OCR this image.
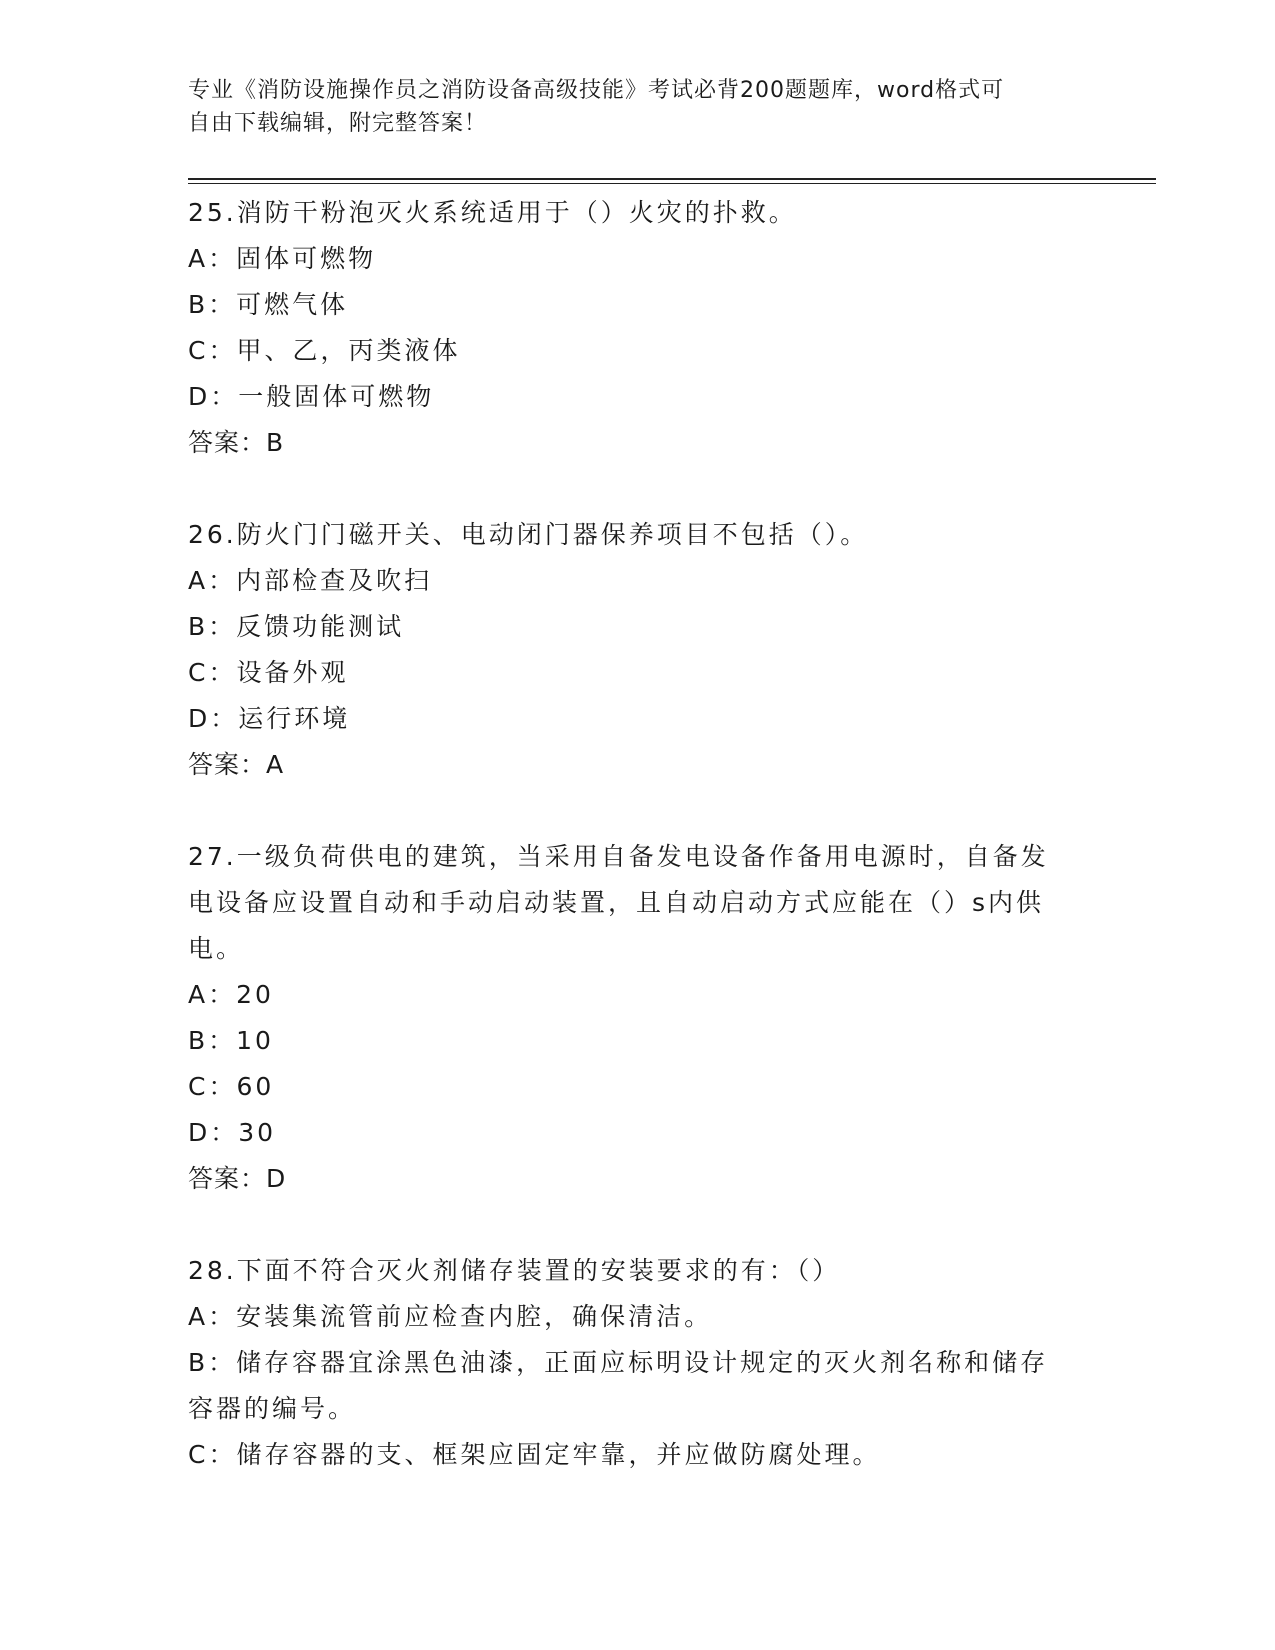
专业《消防设施操作员之消防设备高级技能》考试必背200题题库，word格式可
自由下载编辑，附完整答案！
25.消防干粉泡灭火系统适用于（）火灾的扑救。
A：固体可燃物
B：可燃气体
C：甲、乙，丙类液体
D：一般固体可燃物
答案：B
26.防火门门磁开关、电动闭门器保养项目不包括（）。
A：内部检查及吹扫
B：反馈功能测试
C：设备外观
D：运行环境
答案：A
27.一级负荷供电的建筑，当采用自备发电设备作备用电源时，自备发
电设备应设置自动和手动启动装置，且自动启动方式应能在（）s内供
电。
A：20
B：10
C：60
D：30
答案：D
28.下面不符合灭火剂储存装置的安装要求的有：（）
A：安装集流管前应检查内腔，确保清洁。
B：储存容器宜涂黑色油漆，正面应标明设计规定的灭火剂名称和储存
容器的编号。
C：储存容器的支、框架应固定牢靠，并应做防腐处理。
